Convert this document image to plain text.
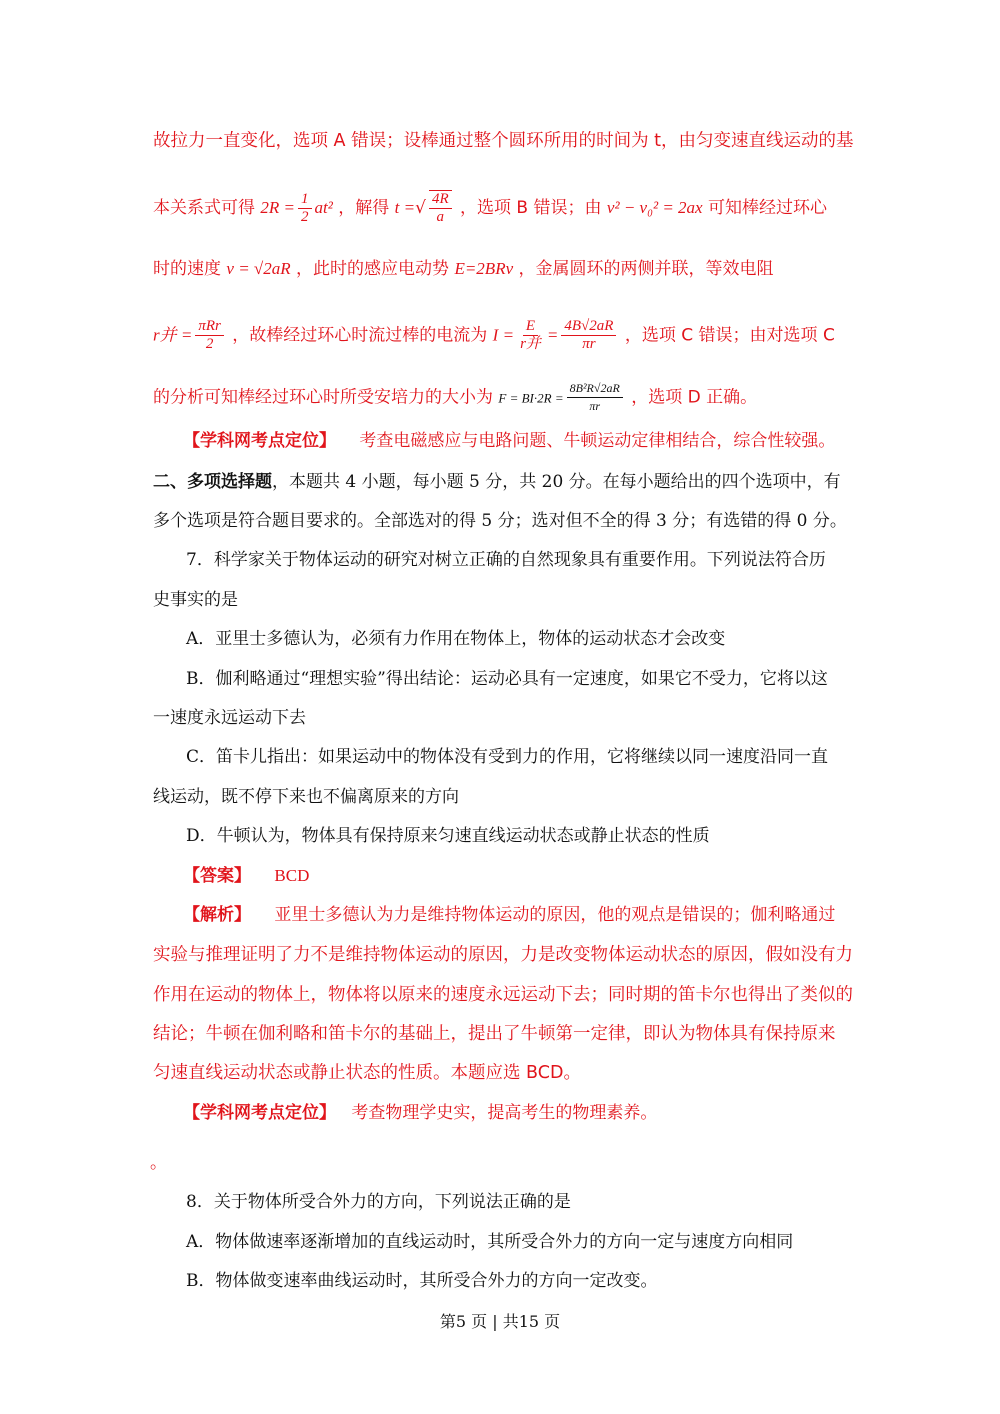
故拉力一直变化，选项 A 错误；设棒通过整个圆环所用的时间为 t，由匀变速直线运动的基
本关系式可得 $2R = \frac{1}{2} at^2$ ，解得 t =√ $\frac{4R}{a}$ ，选项 B 错误；由 v² − v₀² = 2ax 可知棒经过环心
时的速度 v = √2aR ，此时的感应电动势 E=2BRv ，金属圆环的两侧并联，等效电阻
r并 = $\frac{\text{πRr}}{2}$ ，故棒经过环心时流过棒的电流为 $I = \frac{E}{\text{r并}} = \frac{4B√2aR}{\pi r}$ ，选项 C 错误；由对选项 C
的分析可知棒经过环心时所受安培力的大小为 $F = BI\cdot 2R = \frac{\text{8B²R√2aR}}{\pi r}$ ，选项 D 正确。
【学科网考点定位】 考查电磁感应与电路问题、牛顿运动定律相结合，综合性较强。
二、多项选择题，本题共 4 小题，每小题 5 分，共 20 分。在每小题给出的四个选项中，有
多个选项是符合题目要求的。全部选对的得 5 分；选对但不全的得 3 分；有选错的得 0 分。
7．科学家关于物体运动的研究对树立正确的自然现象具有重要作用。下列说法符合历
史事实的是
A．亚里士多德认为，必须有力作用在物体上，物体的运动状态才会改变
B．伽利略通过“理想实验”得出结论：运动必具有一定速度，如果它不受力，它将以这
一速度永远运动下去
C．笛卡儿指出：如果运动中的物体没有受到力的作用，它将继续以同一速度沿同一直
线运动，既不停下来也不偏离原来的方向
D．牛顿认为，物体具有保持原来匀速直线运动状态或静止状态的性质
【答案】 BCD
【解析】 亚里士多德认为力是维持物体运动的原因，他的观点是错误的；伽利略通过
实验与推理证明了力不是维持物体运动的原因，力是改变物体运动状态的原因，假如没有力
作用在运动的物体上，物体将以原来的速度永远运动下去；同时期的笛卡尔也得出了类似的
结论；牛顿在伽利略和笛卡尔的基础上，提出了牛顿第一定律，即认为物体具有保持原来
匀速直线运动状态或静止状态的性质。本题应选 BCD。
【学科网考点定位】 考查物理学史实，提高考生的物理素养。
。
8．关于物体所受合外力的方向，下列说法正确的是
A．物体做速率逐渐增加的直线运动时，其所受合外力的方向一定与速度方向相同
B．物体做变速率曲线运动时，其所受合外力的方向一定改变。
第5 页 | 共15 页
